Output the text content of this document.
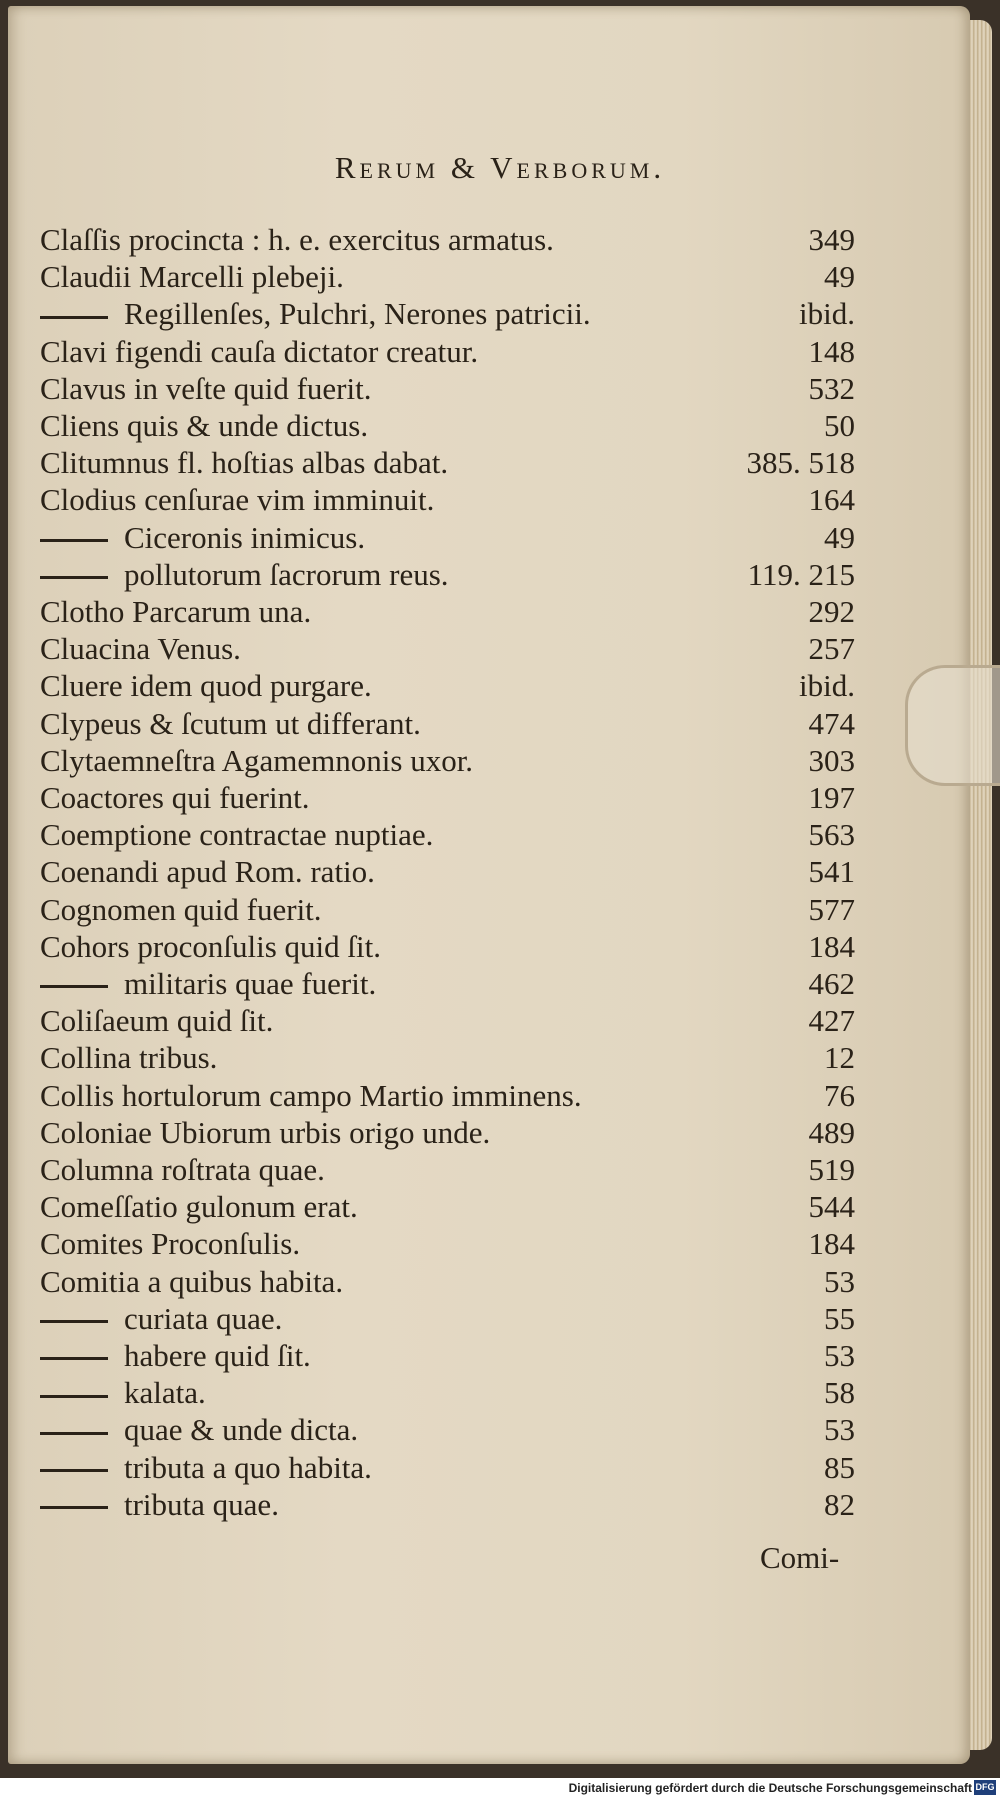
Rerum & Verborum.
Claſſis procincta : h. e. exercitus armatus.	349
Claudii Marcelli plebeji.	49
Regillenſes, Pulchri, Nerones patricii.	ibid.
Clavi figendi cauſa dictator creatur.	148
Clavus in veſte quid fuerit.	532
Cliens quis & unde dictus.	50
Clitumnus fl. hoſtias albas dabat.	385. 518
Clodius cenſurae vim imminuit.	164
Ciceronis inimicus.	49
pollutorum ſacrorum reus.	119. 215
Clotho Parcarum una.	292
Cluacina Venus.	257
Cluere idem quod purgare.	ibid.
Clypeus & ſcutum ut differant.	474
Clytaemneſtra Agamemnonis uxor.	303
Coactores qui fuerint.	197
Coemptione contractae nuptiae.	563
Coenandi apud Rom. ratio.	541
Cognomen quid fuerit.	577
Cohors proconſulis quid ſit.	184
militaris quae fuerit.	462
Coliſaeum quid ſit.	427
Collina tribus.	12
Collis hortulorum campo Martio imminens.	76
Coloniae Ubiorum urbis origo unde.	489
Columna roſtrata quae.	519
Comeſſatio gulonum erat.	544
Comites Proconſulis.	184
Comitia a quibus habita.	53
curiata quae.	55
habere quid ſit.	53
kalata.	58
quae & unde dicta.	53
tributa a quo habita.	85
tributa quae.	82
Comi-
Digitalisierung gefördert durch die Deutsche Forschungsgemeinschaft DFG
